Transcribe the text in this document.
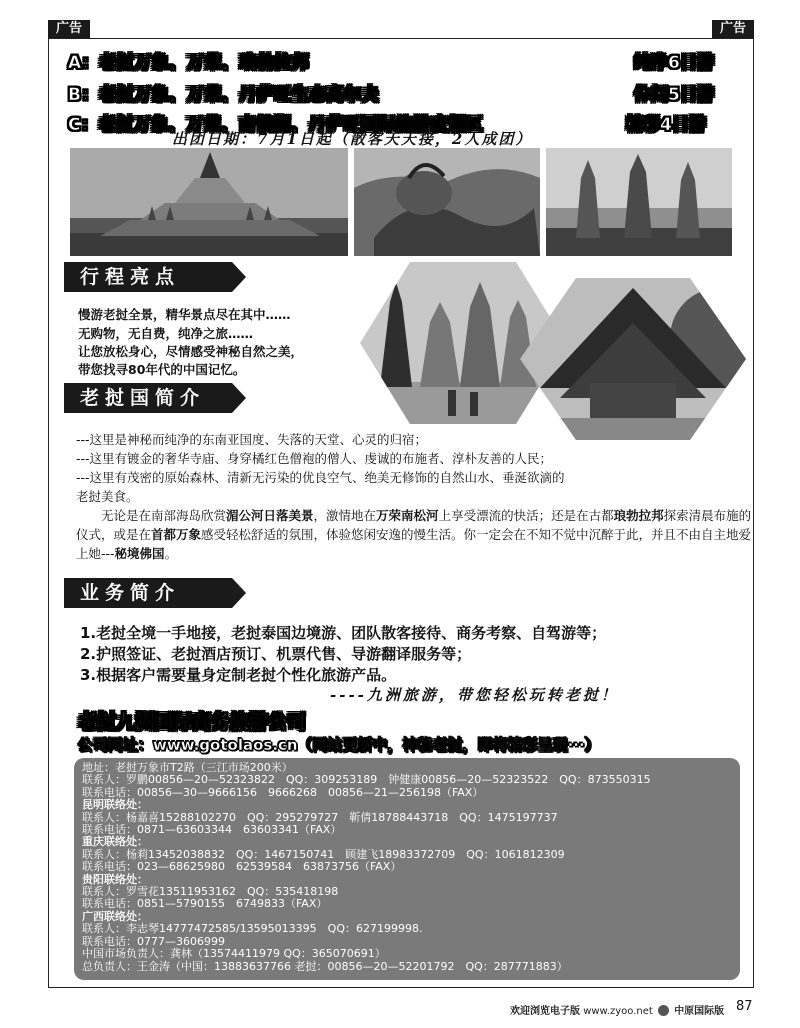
广告	广告
A：老挝万象、万荣、琅勃拉邦	纯净6日游
B：老挝万象、万荣、丹萨旺生态高尔夫	休闲5日游
C：老挝万象、万荣、南俄湖、丹萨旺国际旅游度假区	精彩4日游
出团日期：7月1日起（散客天天接，2人成团）
行程亮点
慢游老挝全景，精华景点尽在其中……
无购物，无自费，纯净之旅……
让您放松身心，尽情感受神秘自然之美，
带您找寻80年代的中国记忆。
老挝国简介
---这里是神秘而纯净的东南亚国度、失落的天堂、心灵的归宿；
---这里有镀金的奢华寺庙、身穿橘红色僧袍的僧人、虔诚的布施者、淳朴友善的人民；
---这里有茂密的原始森林、清新无污染的优良空气、绝美无修饰的自然山水、垂涎欲滴的
老挝美食。
无论是在南部海岛欣赏湄公河日落美景，激情地在万荣南松河上享受漂流的快活；还是在古都琅勃拉邦探索清晨布施的仪式，或是在首都万象感受轻松舒适的氛围，体验悠闲安逸的慢生活。你一定会在不知不觉中沉醉于此，并且不由自主地爱上她---秘境佛国。
业务简介
1.老挝全境一手地接，老挝泰国边境游、团队散客接待、商务考察、自驾游等；
2.护照签证、老挝酒店预订、机票代售、导游翻译服务等；
3.根据客户需要量身定制老挝个性化旅游产品。
----九洲旅游，带您轻松玩转老挝！
老挝九洲国际商务旅游公司
公司网址：www.gotolaos.cn（网站更新中，神秘老挝，即将精彩呈现···）
地址：老挝万象市T2路（三江市场200米）
联系人：罗鹏00856—20—52323822　QQ：309253189　钟健康00856—20—52323522　QQ：873550315
联系电话：00856—30—9666156　9666268　00856—21—256198（FAX）
昆明联络处：
联系人：杨嘉喜15288102270　QQ：295279727　靳倩18788443718　QQ：1475197737
联系电话：0871—63603344　63603341（FAX）
重庆联络处：
联系人：杨莉13452038832　QQ：1467150741　顾建飞18983372709　QQ：1061812309
联系电话：023—68625980　62539584　63873756（FAX）
贵阳联络处：
联系人：罗雪花13511953162　QQ：535418198
联系电话：0851—5790155　6749833（FAX）
广西联络处：
联系人：李志琴14777472585/13595013395　QQ：627199998.
联系电话：0777—3606999
中国市场负责人：龚林（13574411979 QQ：365070691）
总负责人：王金涛（中国：13883637766 老挝：00856—20—52201792　QQ：287771883）
欢迎浏览电子版 www.zyoo.net 中原国际版 87
